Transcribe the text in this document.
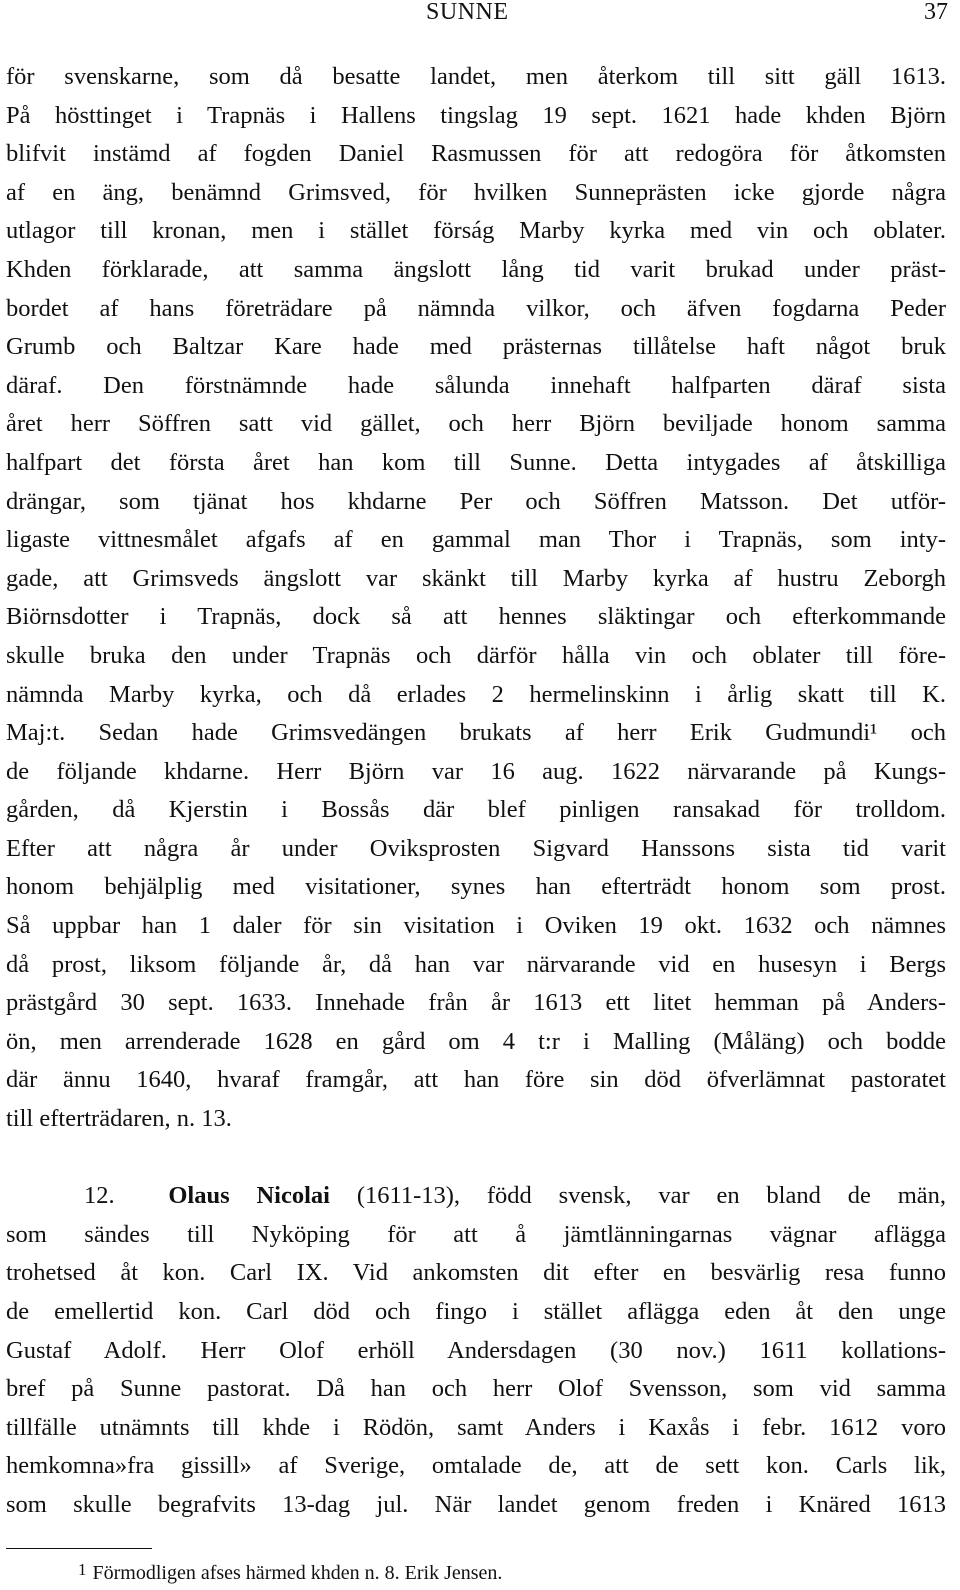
SUNNE	37
för svenskarne, som då besatte landet, men återkom till sitt gäll 1613.
På hösttinget i Trapnäs i Hallens tingslag 19 sept. 1621 hade khden Björn
blifvit instämd af fogden Daniel Rasmussen för att redogöra för åtkomsten
af en äng, benämnd Grimsved, för hvilken Sunneprästen icke gjorde några
utlagor till kronan, men i stället förság Marby kyrka med vin och oblater.
Khden förklarade, att samma ängslott lång tid varit brukad under präst-
bordet af hans företrädare på nämnda vilkor, och äfven fogdarna Peder
Grumb och Baltzar Kare hade med prästernas tillåtelse haft något bruk
däraf. Den förstnämnde hade sålunda innehaft halfparten däraf sista
året herr Söffren satt vid gället, och herr Björn beviljade honom samma
halfpart det första året han kom till Sunne. Detta intygades af åtskilliga
drängar, som tjänat hos khdarne Per och Söffren Matsson. Det utför-
ligaste vittnesmålet afgafs af en gammal man Thor i Trapnäs, som inty-
gade, att Grimsveds ängslott var skänkt till Marby kyrka af hustru Zeborgh
Biörnsdotter i Trapnäs, dock så att hennes släktingar och efterkommande
skulle bruka den under Trapnäs och därför hålla vin och oblater till före-
nämnda Marby kyrka, och då erlades 2 hermelinskinn i årlig skatt till K.
Maj:t. Sedan hade Grimsvedängen brukats af herr Erik Gudmundi¹ och
de följande khdarne. Herr Björn var 16 aug. 1622 närvarande på Kungs-
gården, då Kjerstin i Bossås där blef pinligen ransakad för trolldom.
Efter att några år under Oviksprosten Sigvard Hanssons sista tid varit
honom behjälplig med visitationer, synes han efterträdt honom som prost.
Så uppbar han 1 daler för sin visitation i Oviken 19 okt. 1632 och nämnes
då prost, liksom följande år, då han var närvarande vid en husesyn i Bergs
prästgård 30 sept. 1633. Innehade från år 1613 ett litet hemman på Anders-
ön, men arrenderade 1628 en gård om 4 t:r i Malling (Måläng) och bodde
där ännu 1640, hvaraf framgår, att han före sin död öfverlämnat pastoratet
till efterträdaren, n. 13.
12. Olaus Nicolai (1611-13), född svensk, var en bland de män,
som sändes till Nyköping för att å jämtlänningarnas vägnar aflägga
trohetsed åt kon. Carl IX. Vid ankomsten dit efter en besvärlig resa funno
de emellertid kon. Carl död och fingo i stället aflägga eden åt den unge
Gustaf Adolf. Herr Olof erhöll Andersdagen (30 nov.) 1611 kollations-
bref på Sunne pastorat. Då han och herr Olof Svensson, som vid samma
tillfälle utnämnts till khde i Rödön, samt Anders i Kaxås i febr. 1612 voro
hemkomna»fra gissill» af Sverige, omtalade de, att de sett kon. Carls lik,
som skulle begrafvits 13-dag jul. När landet genom freden i Knäred 1613
$^1$ Förmodligen afses härmed khden n. 8. Erik Jensen.
